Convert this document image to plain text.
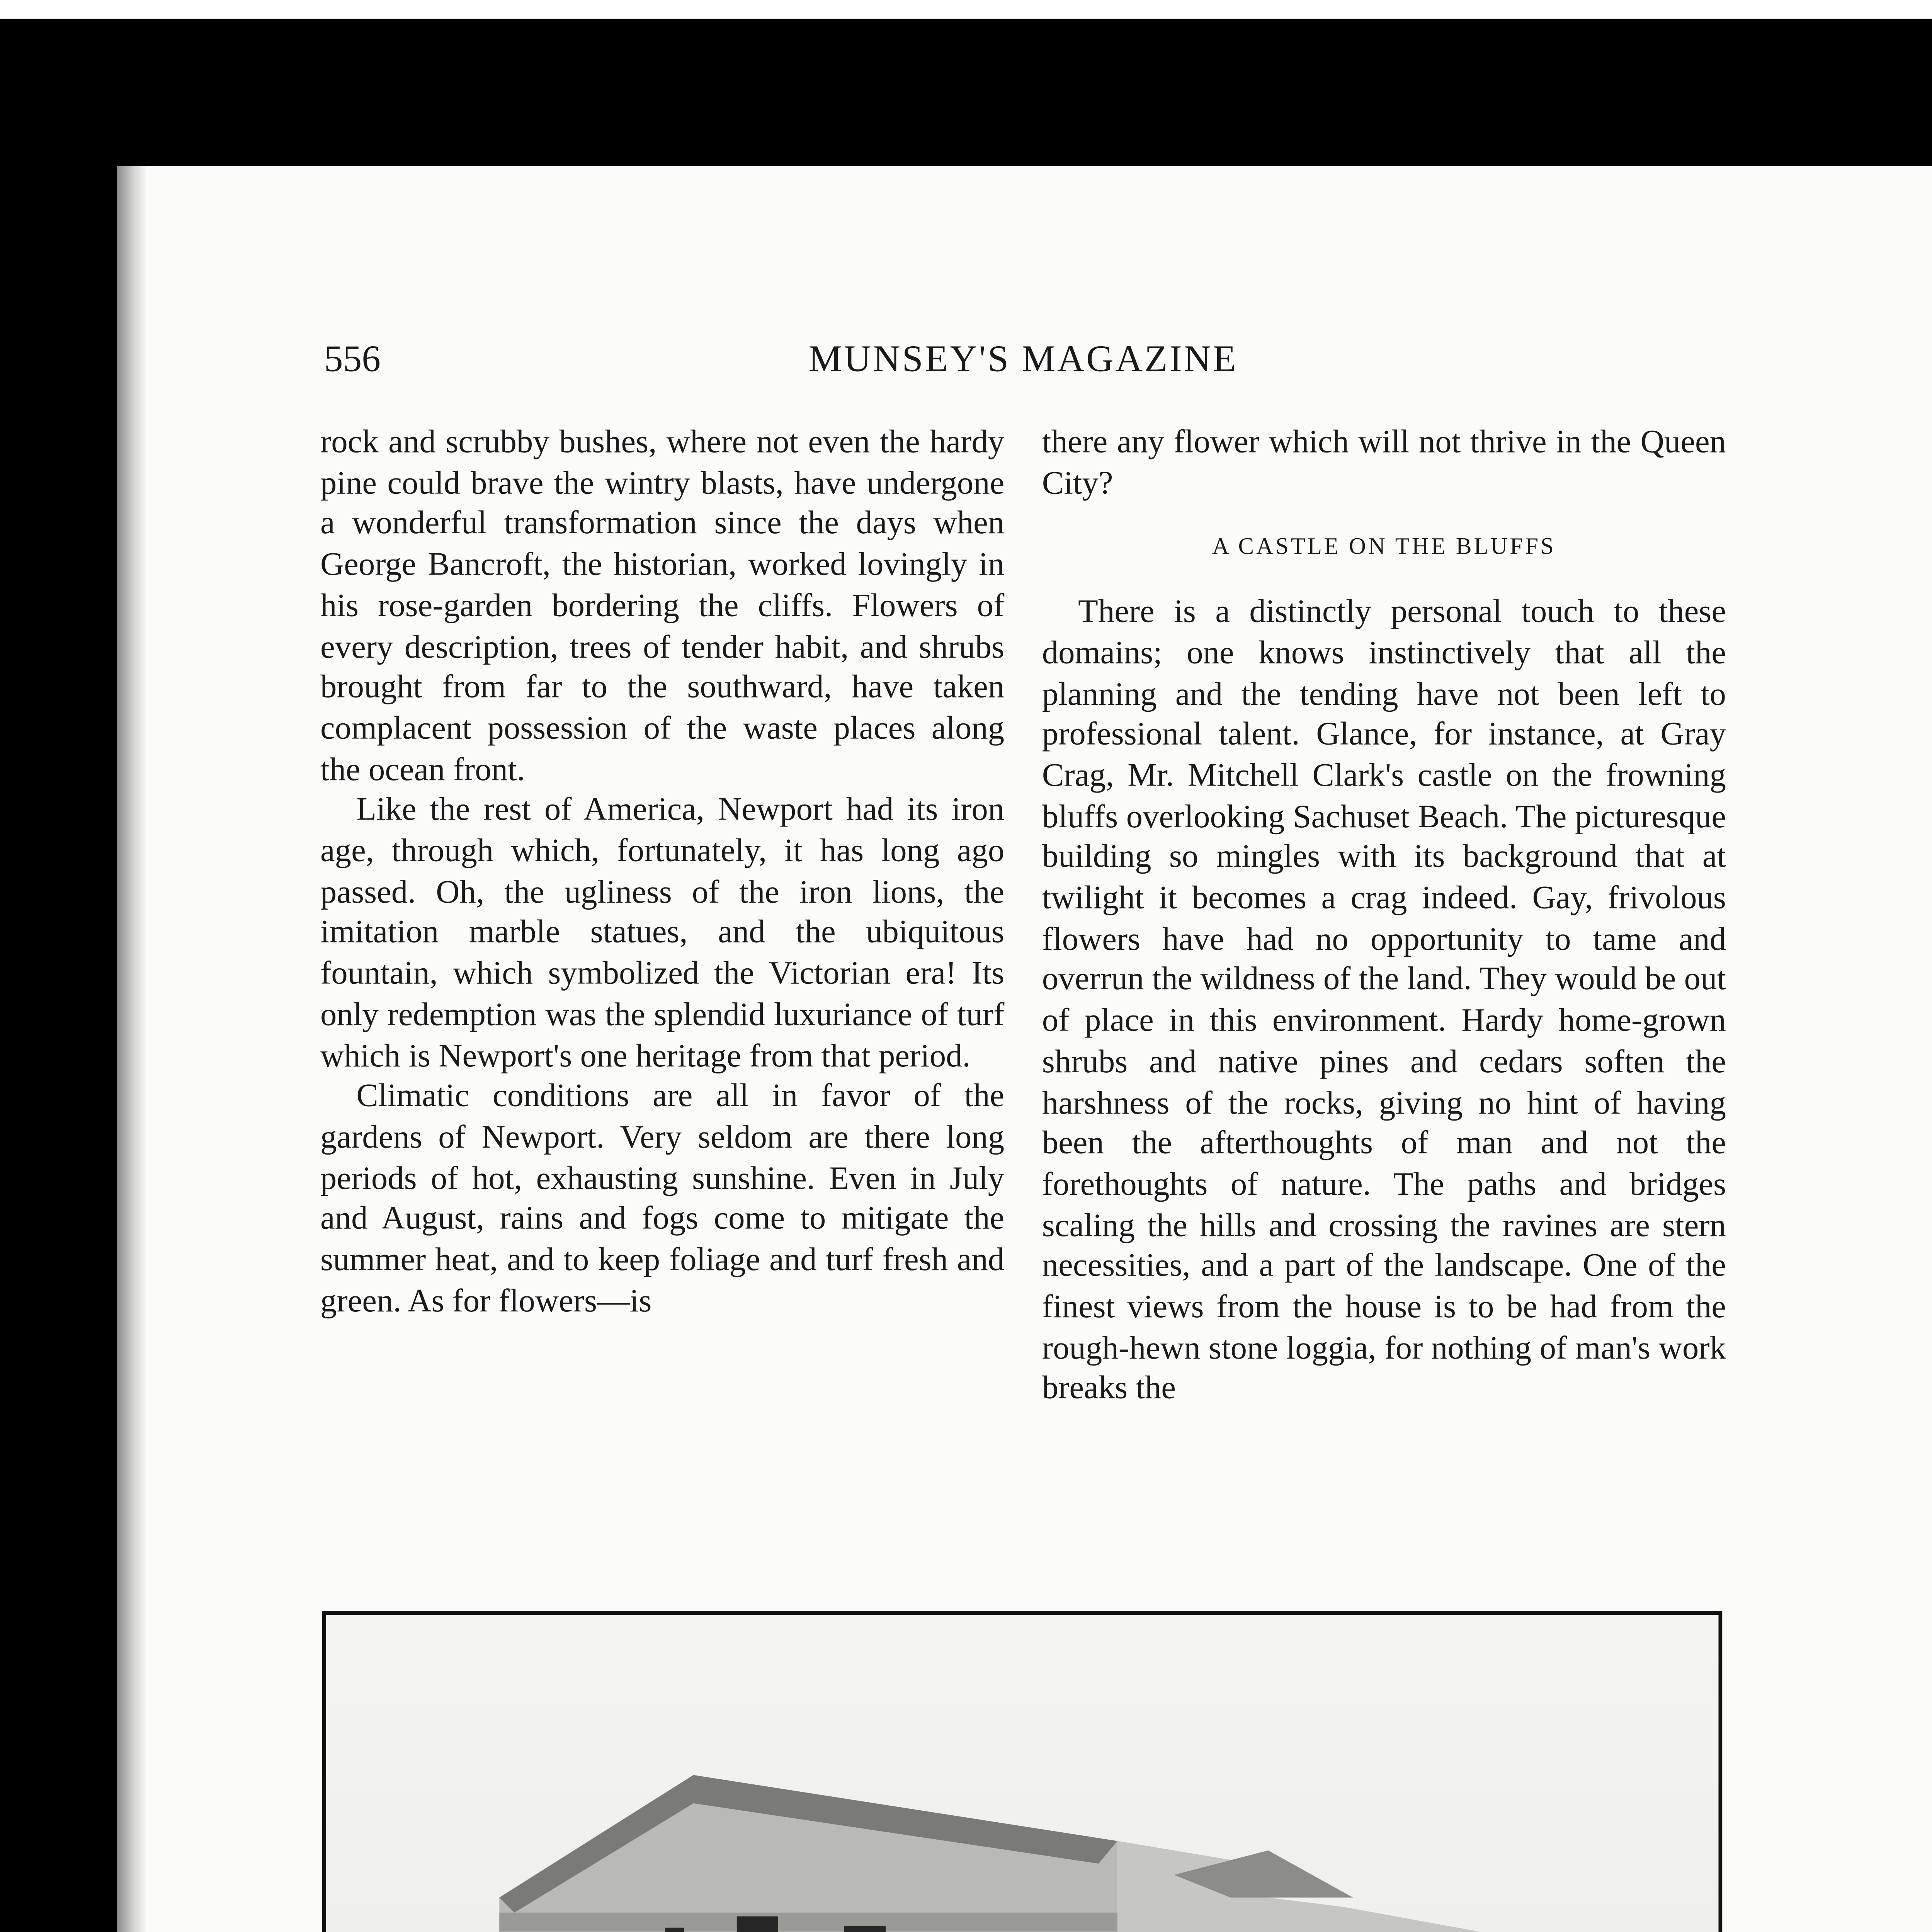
556	MUNSEY'S MAGAZINE

rock and scrubby bushes, where not even the hardy pine could brave the wintry blasts, have undergone a wonderful transformation since the days when George Bancroft, the historian, worked lovingly in his rose-garden bordering the cliffs. Flowers of every description, trees of tender habit, and shrubs brought from far to the southward, have taken complacent possession of the waste places along the ocean front.

Like the rest of America, Newport had its iron age, through which, fortunately, it has long ago passed. Oh, the ugliness of the iron lions, the imitation marble statues, and the ubiquitous fountain, which symbolized the Victorian era! Its only redemption was the splendid luxuriance of turf which is Newport's one heritage from that period.

Climatic conditions are all in favor of the gardens of Newport. Very seldom are there long periods of hot, exhausting sunshine. Even in July and August, rains and fogs come to mitigate the summer heat, and to keep foliage and turf fresh and green. As for flowers—is

there any flower which will not thrive in the Queen City?

A CASTLE ON THE BLUFFS

There is a distinctly personal touch to these domains; one knows instinctively that all the planning and the tending have not been left to professional talent. Glance, for instance, at Gray Crag, Mr. Mitchell Clark's castle on the frowning bluffs overlooking Sachuset Beach. The picturesque building so mingles with its background that at twilight it becomes a crag indeed. Gay, frivolous flowers have had no opportunity to tame and overrun the wildness of the land. They would be out of place in this environment. Hardy home-grown shrubs and native pines and cedars soften the harshness of the rocks, giving no hint of having been the afterthoughts of man and not the forethoughts of nature. The paths and bridges scaling the hills and crossing the ravines are stern necessities, and a part of the landscape. One of the finest views from the house is to be had from the rough-hewn stone loggia, for nothing of man's work breaks the
